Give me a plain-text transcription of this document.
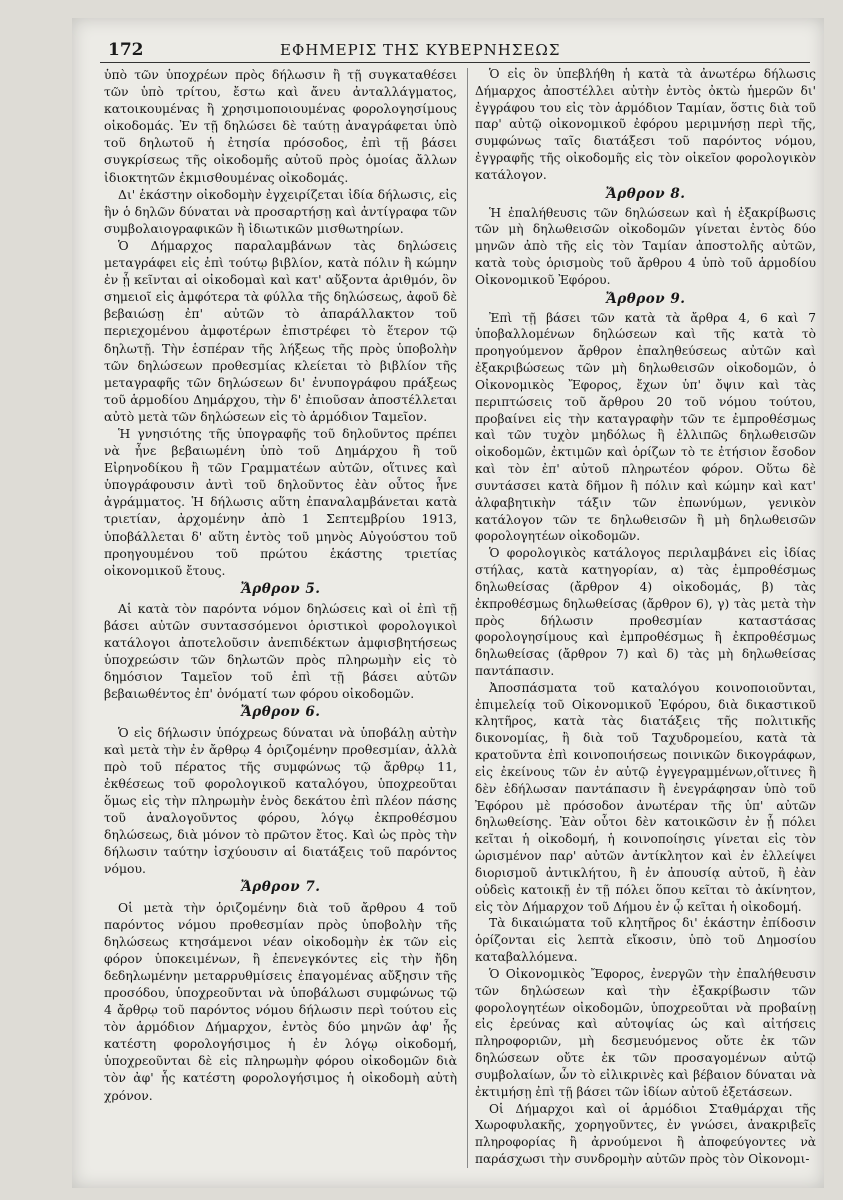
172	ΕΦΗΜΕΡΙΣ ΤΗΣ ΚΥΒΕΡΝΗΣΕΩΣ

ὑπὸ τῶν ὑποχρέων πρὸς δήλωσιν ἢ τῇ συγκαταθέσει τῶν ὑπὸ τρίτου, ἔστω καὶ ἄνευ ἀνταλλάγματος, κατοικουμένας ἢ χρησιμοποιουμένας φορολογησίμους οἰκοδομάς. Ἐν τῇ δηλώσει δὲ ταύτῃ ἀναγράφεται ὑπὸ τοῦ δηλωτοῦ ἡ ἐτησία πρόσοδος, ἐπὶ τῇ βάσει συγκρίσεως τῆς οἰκοδομῆς αὐτοῦ πρὸς ὁμοίας ἄλλων ἰδιοκτητῶν ἐκμισθουμένας οἰκοδομάς.

Δι' ἑκάστην οἰκοδομὴν ἐγχειρίζεται ἰδία δήλωσις, εἰς ἣν ὁ δηλῶν δύναται νὰ προσαρτήσῃ καὶ ἀντίγραφα τῶν συμβολαιογραφικῶν ἢ ἰδιωτικῶν μισθωτηρίων.

Ὁ Δήμαρχος παραλαμβάνων τὰς δηλώσεις μεταγράφει εἰς ἐπὶ τούτῳ βιβλίον, κατὰ πόλιν ἢ κώμην ἐν ᾗ κεῖνται αἱ οἰκοδομαὶ καὶ κατ' αὔξοντα ἀριθμόν, ὃν σημειοῖ εἰς ἀμφότερα τὰ φύλλα τῆς δηλώσεως, ἀφοῦ δὲ βεβαιώσῃ ἐπ' αὐτῶν τὸ ἀπαράλλακτον τοῦ περιεχομένου ἀμφοτέρων ἐπιστρέφει τὸ ἕτερον τῷ δηλωτῇ. Τὴν ἑσπέραν τῆς λήξεως τῆς πρὸς ὑποβολὴν τῶν δηλώσεων προθεσμίας κλείεται τὸ βιβλίον τῆς μεταγραφῆς τῶν δηλώσεων δι' ἐνυπογράφου πράξεως τοῦ ἁρμοδίου Δημάρχου, τὴν δ' ἐπιοῦσαν ἀποστέλλεται αὐτὸ μετὰ τῶν δηλώσεων εἰς τὸ ἁρμόδιον Ταμεῖον.

Ἡ γνησιότης τῆς ὑπογραφῆς τοῦ δηλοῦντος πρέπει νὰ ἦνε βεβαιωμένη ὑπὸ τοῦ Δημάρχου ἢ τοῦ Εἰρηνοδίκου ἢ τῶν Γραμματέων αὐτῶν, οἵτινες καὶ ὑπογράφουσιν ἀντὶ τοῦ δηλοῦντος ἐὰν οὗτος ἦνε ἀγράμματος. Ἡ δήλωσις αὕτη ἐπαναλαμβάνεται κατὰ τριετίαν, ἀρχομένην ἀπὸ 1 Σεπτεμβρίου 1913, ὑποβάλλεται δ' αὕτη ἐντὸς τοῦ μηνὸς Αὐγούστου τοῦ προηγουμένου τοῦ πρώτου ἑκάστης τριετίας οἰκονομικοῦ ἔτους.

Ἄρθρον 5.

Αἱ κατὰ τὸν παρόντα νόμον δηλώσεις καὶ οἱ ἐπὶ τῇ βάσει αὐτῶν συντασσόμενοι ὁριστικοὶ φορολογικοὶ κατάλογοι ἀποτελοῦσιν ἀνεπιδέκτων ἀμφισβητήσεως ὑποχρεώσιν τῶν δηλωτῶν πρὸς πληρωμὴν εἰς τὸ δημόσιον Ταμεῖον τοῦ ἐπὶ τῇ βάσει αὐτῶν βεβαιωθέντος ἐπ' ὀνόματί των φόρου οἰκοδομῶν.

Ἄρθρον 6.

Ὁ εἰς δήλωσιν ὑπόχρεως δύναται νὰ ὑποβάλῃ αὐτὴν καὶ μετὰ τὴν ἐν ἄρθρῳ 4 ὁριζομένην προθεσμίαν, ἀλλὰ πρὸ τοῦ πέρατος τῆς συμφώνως τῷ ἄρθρῳ 11, ἐκθέσεως τοῦ φορολογικοῦ καταλόγου, ὑποχρεοῦται ὅμως εἰς τὴν πληρωμὴν ἑνὸς δεκάτου ἐπὶ πλέον πάσης τοῦ ἀναλογοῦντος φόρου, λόγῳ ἐκπροθέσμου δηλώσεως, διὰ μόνον τὸ πρῶτον ἔτος. Καὶ ὡς πρὸς τὴν δήλωσιν ταύτην ἰσχύουσιν αἱ διατάξεις τοῦ παρόντος νόμου.

Ἄρθρον 7.

Οἱ μετὰ τὴν ὁριζομένην διὰ τοῦ ἄρθρου 4 τοῦ παρόντος νόμου προθεσμίαν πρὸς ὑποβολὴν τῆς δηλώσεως κτησάμενοι νέαν οἰκοδομὴν ἐκ τῶν εἰς φόρον ὑποκειμένων, ἢ ἐπενεγκόντες εἰς τὴν ἤδη δεδηλωμένην μεταρρυθμίσεις ἐπαγομένας αὔξησιν τῆς προσόδου, ὑποχρεοῦνται νὰ ὑποβάλωσι συμφώνως τῷ 4 ἄρθρῳ τοῦ παρόντος νόμου δήλωσιν περὶ τούτου εἰς τὸν ἁρμόδιον Δήμαρχον, ἐντὸς δύο μηνῶν ἀφ' ἧς κατέστη φορολογήσιμος ἡ ἐν λόγῳ οἰκοδομή, ὑποχρεοῦνται δὲ εἰς πληρωμὴν φόρου οἰκοδομῶν διὰ τὸν ἀφ' ἧς κατέστη φορολογήσιμος ἡ οἰκοδομὴ αὐτὴ χρόνον.

Ὁ εἰς ὃν ὑπεβλήθη ἡ κατὰ τὰ ἀνωτέρω δήλωσις Δήμαρχος ἀποστέλλει αὐτὴν ἐντὸς ὀκτὼ ἡμερῶν δι' ἐγγράφου του εἰς τὸν ἁρμόδιον Ταμίαν, ὅστις διὰ τοῦ παρ' αὐτῷ οἰκονομικοῦ ἐφόρου μεριμνήσῃ περὶ τῆς, συμφώνως ταῖς διατάξεσι τοῦ παρόντος νόμου, ἐγγραφῆς τῆς οἰκοδομῆς εἰς τὸν οἰκεῖον φορολογικὸν κατάλογον.

Ἄρθρον 8.

Ἡ ἐπαλήθευσις τῶν δηλώσεων καὶ ἡ ἐξακρίβωσις τῶν μὴ δηλωθεισῶν οἰκοδομῶν γίνεται ἐντὸς δύο μηνῶν ἀπὸ τῆς εἰς τὸν Ταμίαν ἀποστολῆς αὐτῶν, κατὰ τοὺς ὁρισμοὺς τοῦ ἄρθρου 4 ὑπὸ τοῦ ἁρμοδίου Οἰκονομικοῦ Ἐφόρου.

Ἄρθρον 9.

Ἐπὶ τῇ βάσει τῶν κατὰ τὰ ἄρθρα 4, 6 καὶ 7 ὑποβαλλομένων δηλώσεων καὶ τῆς κατὰ τὸ προηγούμενον ἄρθρον ἐπαληθεύσεως αὐτῶν καὶ ἐξακριβώσεως τῶν μὴ δηλωθεισῶν οἰκοδομῶν, ὁ Οἰκονομικὸς Ἔφορος, ἔχων ὑπ' ὄψιν καὶ τὰς περιπτώσεις τοῦ ἄρθρου 20 τοῦ νόμου τούτου, προβαίνει εἰς τὴν καταγραφὴν τῶν τε ἐμπροθέσμως καὶ τῶν τυχὸν μηδόλως ἢ ἐλλιπῶς δηλωθεισῶν οἰκοδομῶν, ἐκτιμῶν καὶ ὁρίζων τὸ τε ἐτήσιον ἔσοδον καὶ τὸν ἐπ' αὐτοῦ πληρωτέον φόρον. Οὕτω δὲ συντάσσει κατὰ δῆμον ἢ πόλιν καὶ κώμην καὶ κατ' ἀλφαβητικὴν τάξιν τῶν ἐπωνύμων, γενικὸν κατάλογον τῶν τε δηλωθεισῶν ἢ μὴ δηλωθεισῶν φορολογητέων οἰκοδομῶν.

Ὁ φορολογικὸς κατάλογος περιλαμβάνει εἰς ἰδίας στήλας, κατὰ κατηγορίαν, α) τὰς ἐμπροθέσμως δηλωθείσας (ἄρθρον 4) οἰκοδομάς, β) τὰς ἐκπροθέσμως δηλωθείσας (ἄρθρον 6), γ) τὰς μετὰ τὴν πρὸς δήλωσιν προθεσμίαν καταστάσας φορολογησίμους καὶ ἐμπροθέσμως ἢ ἐκπροθέσμως δηλωθείσας (ἄρθρον 7) καὶ δ) τὰς μὴ δηλωθείσας παντάπασιν.

Ἀποσπάσματα τοῦ καταλόγου κοινοποιοῦνται, ἐπιμελείᾳ τοῦ Οἰκονομικοῦ Ἐφόρου, διὰ δικαστικοῦ κλητῆρος, κατὰ τὰς διατάξεις τῆς πολιτικῆς δικονομίας, ἢ διὰ τοῦ Ταχυδρομείου, κατὰ τὰ κρατοῦντα ἐπὶ κοινοποιήσεως ποινικῶν δικογράφων, εἰς ἐκείνους τῶν ἐν αὐτῷ ἐγγεγραμμένων,οἵτινες ἢ δὲν ἐδήλωσαν παντάπασιν ἢ ἐνεγράφησαν ὑπὸ τοῦ Ἐφόρου μὲ πρόσοδον ἀνωτέραν τῆς ὑπ' αὐτῶν δηλωθείσης. Ἐὰν οὗτοι δὲν κατοικῶσιν ἐν ᾗ πόλει κεῖται ἡ οἰκοδομή, ἡ κοινοποίησις γίνεται εἰς τὸν ὡρισμένον παρ' αὐτῶν ἀντίκλητον καὶ ἐν ἐλλείψει διορισμοῦ ἀντικλήτου, ἢ ἐν ἀπουσίᾳ αὐτοῦ, ἢ ἐὰν οὐδεὶς κατοικῇ ἐν τῇ πόλει ὅπου κεῖται τὸ ἀκίνητον, εἰς τὸν Δήμαρχον τοῦ Δήμου ἐν ᾧ κεῖται ἡ οἰκοδομή.

Τὰ δικαιώματα τοῦ κλητῆρος δι' ἑκάστην ἐπίδοσιν ὁρίζονται εἰς λεπτὰ εἴκοσιν, ὑπὸ τοῦ Δημοσίου καταβαλλόμενα.

Ὁ Οἰκονομικὸς Ἔφορος, ἐνεργῶν τὴν ἐπαλήθευσιν τῶν δηλώσεων καὶ τὴν ἐξακρίβωσιν τῶν φορολογητέων οἰκοδομῶν, ὑποχρεοῦται νὰ προβαίνῃ εἰς ἐρεύνας καὶ αὐτοψίας ὡς καὶ αἰτήσεις πληροφοριῶν, μὴ δεσμευόμενος οὔτε ἐκ τῶν δηλώσεων οὔτε ἐκ τῶν προσαγομένων αὐτῷ συμβολαίων, ὧν τὸ εἰλικρινὲς καὶ βέβαιον δύναται νὰ ἐκτιμήσῃ ἐπὶ τῇ βάσει τῶν ἰδίων αὐτοῦ ἐξετάσεων.

Οἱ Δήμαρχοι καὶ οἱ ἁρμόδιοι Σταθμάρχαι τῆς Χωροφυλακῆς, χορηγοῦντες, ἐν γνώσει, ἀνακριβεῖς πληροφορίας ἢ ἀρνούμενοι ἢ ἀποφεύγοντες νὰ παράσχωσι τὴν συνδρομὴν αὐτῶν πρὸς τὸν Οἰκονομι-
